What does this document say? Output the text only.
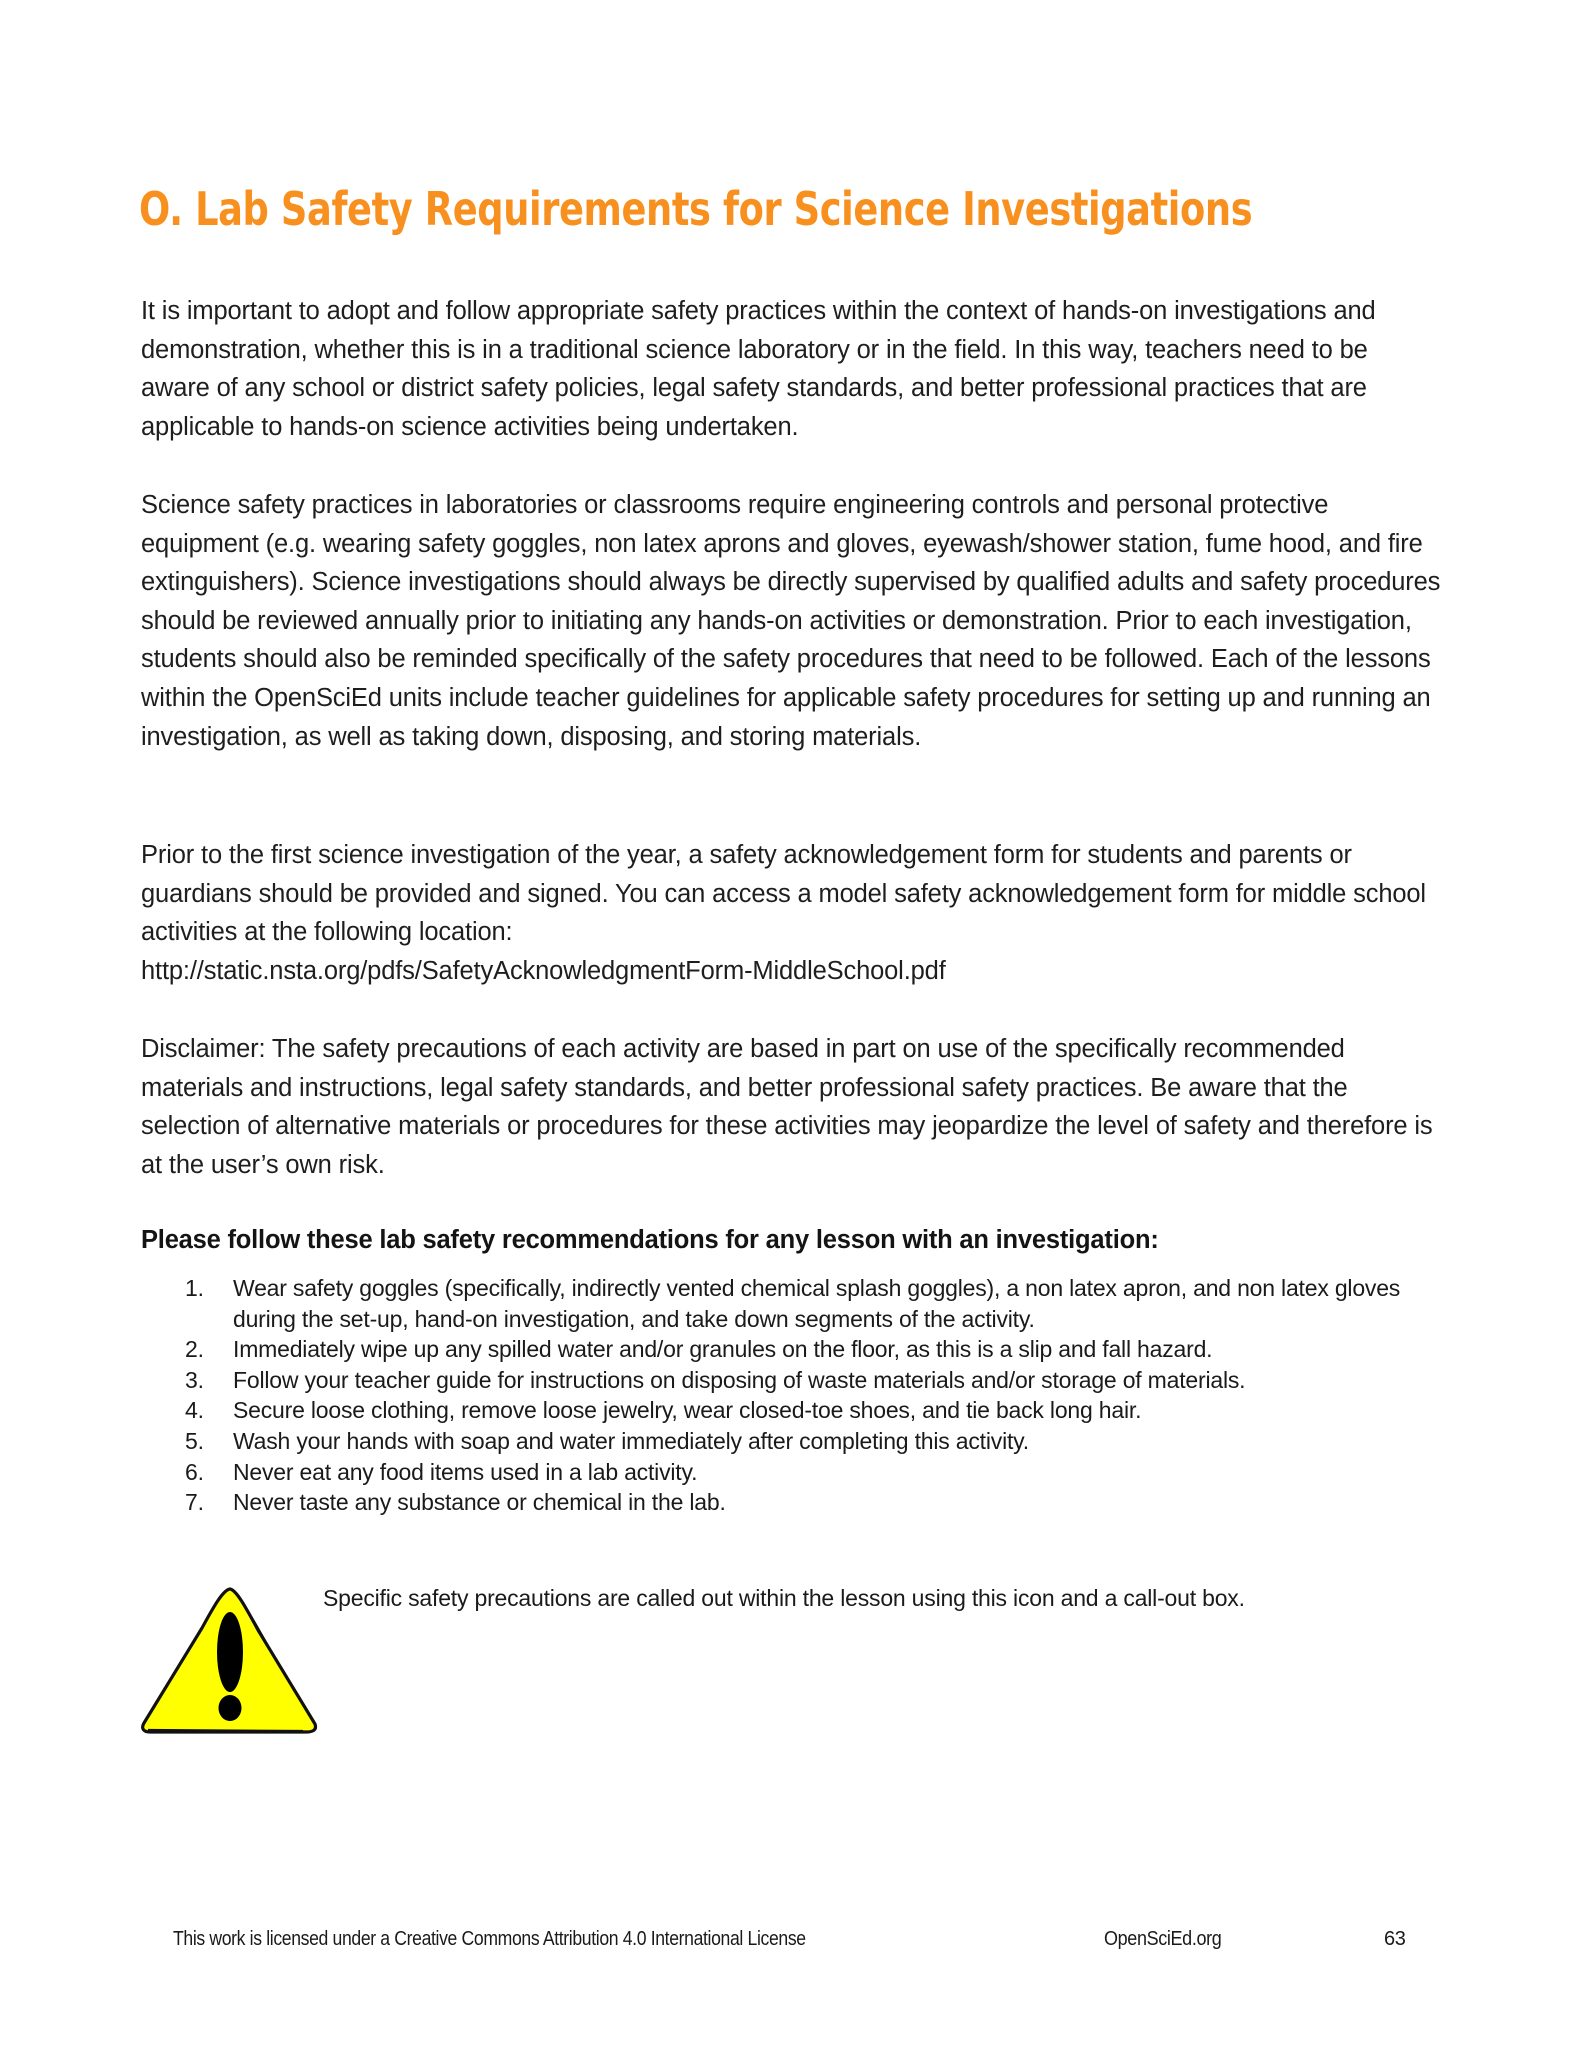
O. Lab Safety Requirements for Science Investigations

It is important to adopt and follow appropriate safety practices within the context of hands-on investigations and demonstration, whether this is in a traditional science laboratory or in the field. In this way, teachers need to be aware of any school or district safety policies, legal safety standards, and better professional practices that are applicable to hands-on science activities being undertaken.

Science safety practices in laboratories or classrooms require engineering controls and personal protective equipment (e.g. wearing safety goggles, non latex aprons and gloves, eyewash/shower station, fume hood, and fire extinguishers). Science investigations should always be directly supervised by qualified adults and safety procedures should be reviewed annually prior to initiating any hands-on activities or demonstration. Prior to each investigation, students should also be reminded specifically of the safety procedures that need to be followed. Each of the lessons within the OpenSciEd units include teacher guidelines for applicable safety procedures for setting up and running an investigation, as well as taking down, disposing, and storing materials.

Prior to the first science investigation of the year, a safety acknowledgement form for students and parents or guardians should be provided and signed. You can access a model safety acknowledgement form for middle school activities at the following location:
http://static.nsta.org/pdfs/SafetyAcknowledgmentForm-MiddleSchool.pdf

Disclaimer: The safety precautions of each activity are based in part on use of the specifically recommended materials and instructions, legal safety standards, and better professional safety practices. Be aware that the selection of alternative materials or procedures for these activities may jeopardize the level of safety and therefore is at the user’s own risk.

Please follow these lab safety recommendations for any lesson with an investigation:
1.	Wear safety goggles (specifically, indirectly vented chemical splash goggles), a non latex apron, and non latex gloves during the set-up, hand-on investigation, and take down segments of the activity.
2.	Immediately wipe up any spilled water and/or granules on the floor, as this is a slip and fall hazard.
3.	Follow your teacher guide for instructions on disposing of waste materials and/or storage of materials.
4.	Secure loose clothing, remove loose jewelry, wear closed-toe shoes, and tie back long hair.
5.	Wash your hands with soap and water immediately after completing this activity.
6.	Never eat any food items used in a lab activity.
7.	Never taste any substance or chemical in the lab.

Specific safety precautions are called out within the lesson using this icon and a call-out box.

This work is licensed under a Creative Commons Attribution 4.0 International License	OpenSciEd.org	63
